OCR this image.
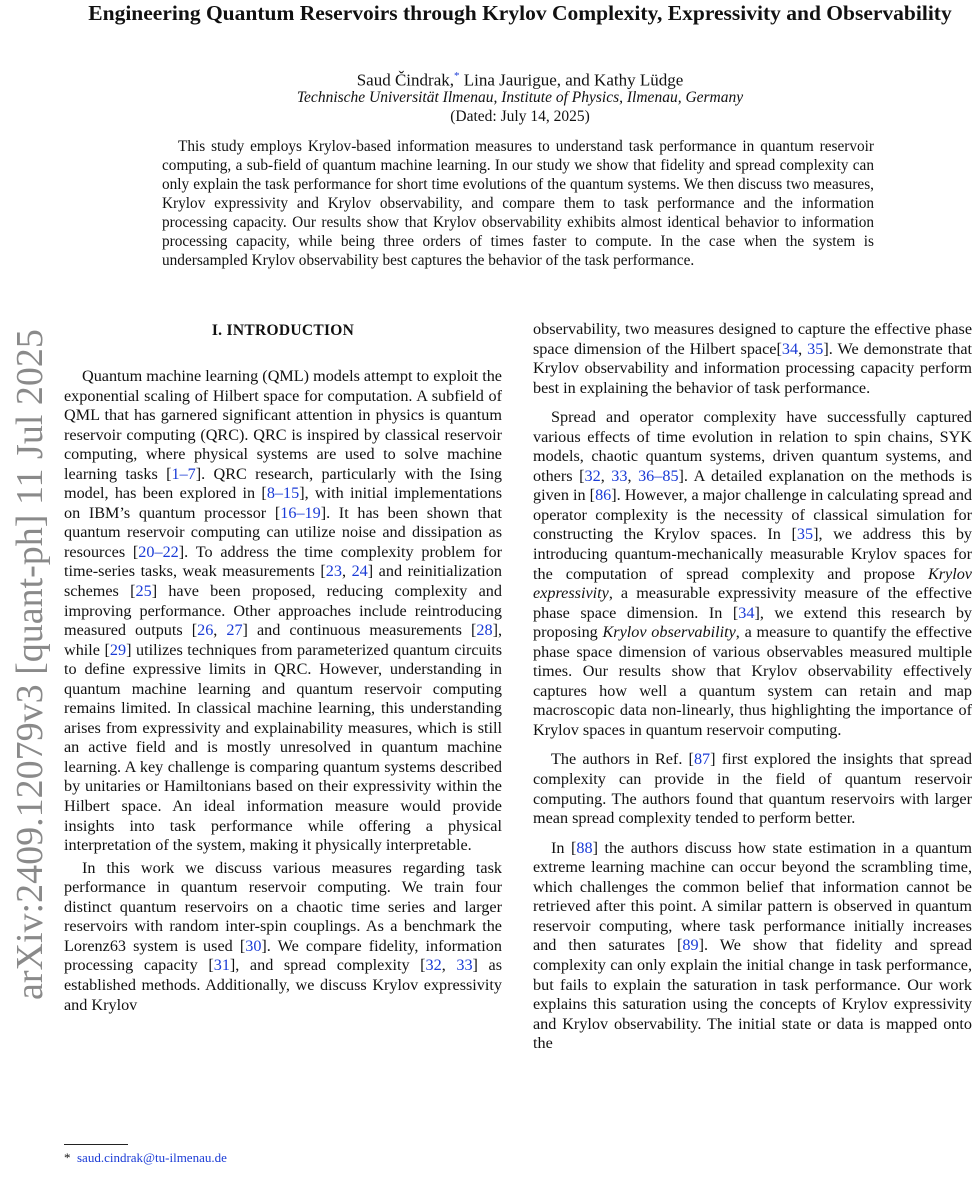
arXiv:2409.12079v3 [quant-ph] 11 Jul 2025
Engineering Quantum Reservoirs through Krylov Complexity, Expressivity and Observability
Saud Čindrak,* Lina Jaurigue, and Kathy Lüdge
Technische Universität Ilmenau, Institute of Physics, Ilmenau, Germany
(Dated: July 14, 2025)
This study employs Krylov-based information measures to understand task performance in quantum reservoir computing, a sub-field of quantum machine learning. In our study we show that fidelity and spread complexity can only explain the task performance for short time evolutions of the quantum systems. We then discuss two measures, Krylov expressivity and Krylov observability, and compare them to task performance and the information processing capacity. Our results show that Krylov observability exhibits almost identical behavior to information processing capacity, while being three orders of times faster to compute. In the case when the system is undersampled Krylov observability best captures the behavior of the task performance.
I. INTRODUCTION

Quantum machine learning (QML) models attempt to exploit the exponential scaling of Hilbert space for computation. A subfield of QML that has garnered significant attention in physics is quantum reservoir computing (QRC). QRC is inspired by classical reservoir computing, where physical systems are used to solve machine learning tasks [1–7]. QRC research, particularly with the Ising model, has been explored in [8–15], with initial implementations on IBM’s quantum processor [16–19]. It has been shown that quantum reservoir computing can utilize noise and dissipation as resources [20–22]. To address the time complexity problem for time-series tasks, weak measurements [23, 24] and reinitialization schemes [25] have been proposed, reducing complexity and improving performance. Other approaches include reintroducing measured outputs [26, 27] and continuous measurements [28], while [29] utilizes techniques from parameterized quantum circuits to define expressive limits in QRC. However, understanding in quantum machine learning and quantum reservoir computing remains limited. In classical machine learning, this understanding arises from expressivity and explainability measures, which is still an active field and is mostly unresolved in quantum machine learning. A key challenge is comparing quantum systems described by unitaries or Hamiltonians based on their expressivity within the Hilbert space. An ideal information measure would provide insights into task performance while offering a physical interpretation of the system, making it physically interpretable.

In this work we discuss various measures regarding task performance in quantum reservoir computing. We train four distinct quantum reservoirs on a chaotic time series and larger reservoirs with random inter-spin couplings. As a benchmark the Lorenz63 system is used [30]. We compare fidelity, information processing capacity [31], and spread complexity [32, 33] as established methods. Additionally, we discuss Krylov expressivity and Krylov

observability, two measures designed to capture the effective phase space dimension of the Hilbert space[34, 35]. We demonstrate that Krylov observability and information processing capacity perform best in explaining the behavior of task performance.

Spread and operator complexity have successfully captured various effects of time evolution in relation to spin chains, SYK models, chaotic quantum systems, driven quantum systems, and others [32, 33, 36–85]. A detailed explanation on the methods is given in [86]. However, a major challenge in calculating spread and operator complexity is the necessity of classical simulation for constructing the Krylov spaces. In [35], we address this by introducing quantum-mechanically measurable Krylov spaces for the computation of spread complexity and propose Krylov expressivity, a measurable expressivity measure of the effective phase space dimension. In [34], we extend this research by proposing Krylov observability, a measure to quantify the effective phase space dimension of various observables measured multiple times. Our results show that Krylov observability effectively captures how well a quantum system can retain and map macroscopic data non-linearly, thus highlighting the importance of Krylov spaces in quantum reservoir computing.

The authors in Ref. [87] first explored the insights that spread complexity can provide in the field of quantum reservoir computing. The authors found that quantum reservoirs with larger mean spread complexity tended to perform better.

In [88] the authors discuss how state estimation in a quantum extreme learning machine can occur beyond the scrambling time, which challenges the common belief that information cannot be retrieved after this point. A similar pattern is observed in quantum reservoir computing, where task performance initially increases and then saturates [89]. We show that fidelity and spread complexity can only explain the initial change in task performance, but fails to explain the saturation in task performance. Our work explains this saturation using the concepts of Krylov expressivity and Krylov observability. The initial state or data is mapped onto the

* saud.cindrak@tu-ilmenau.de
